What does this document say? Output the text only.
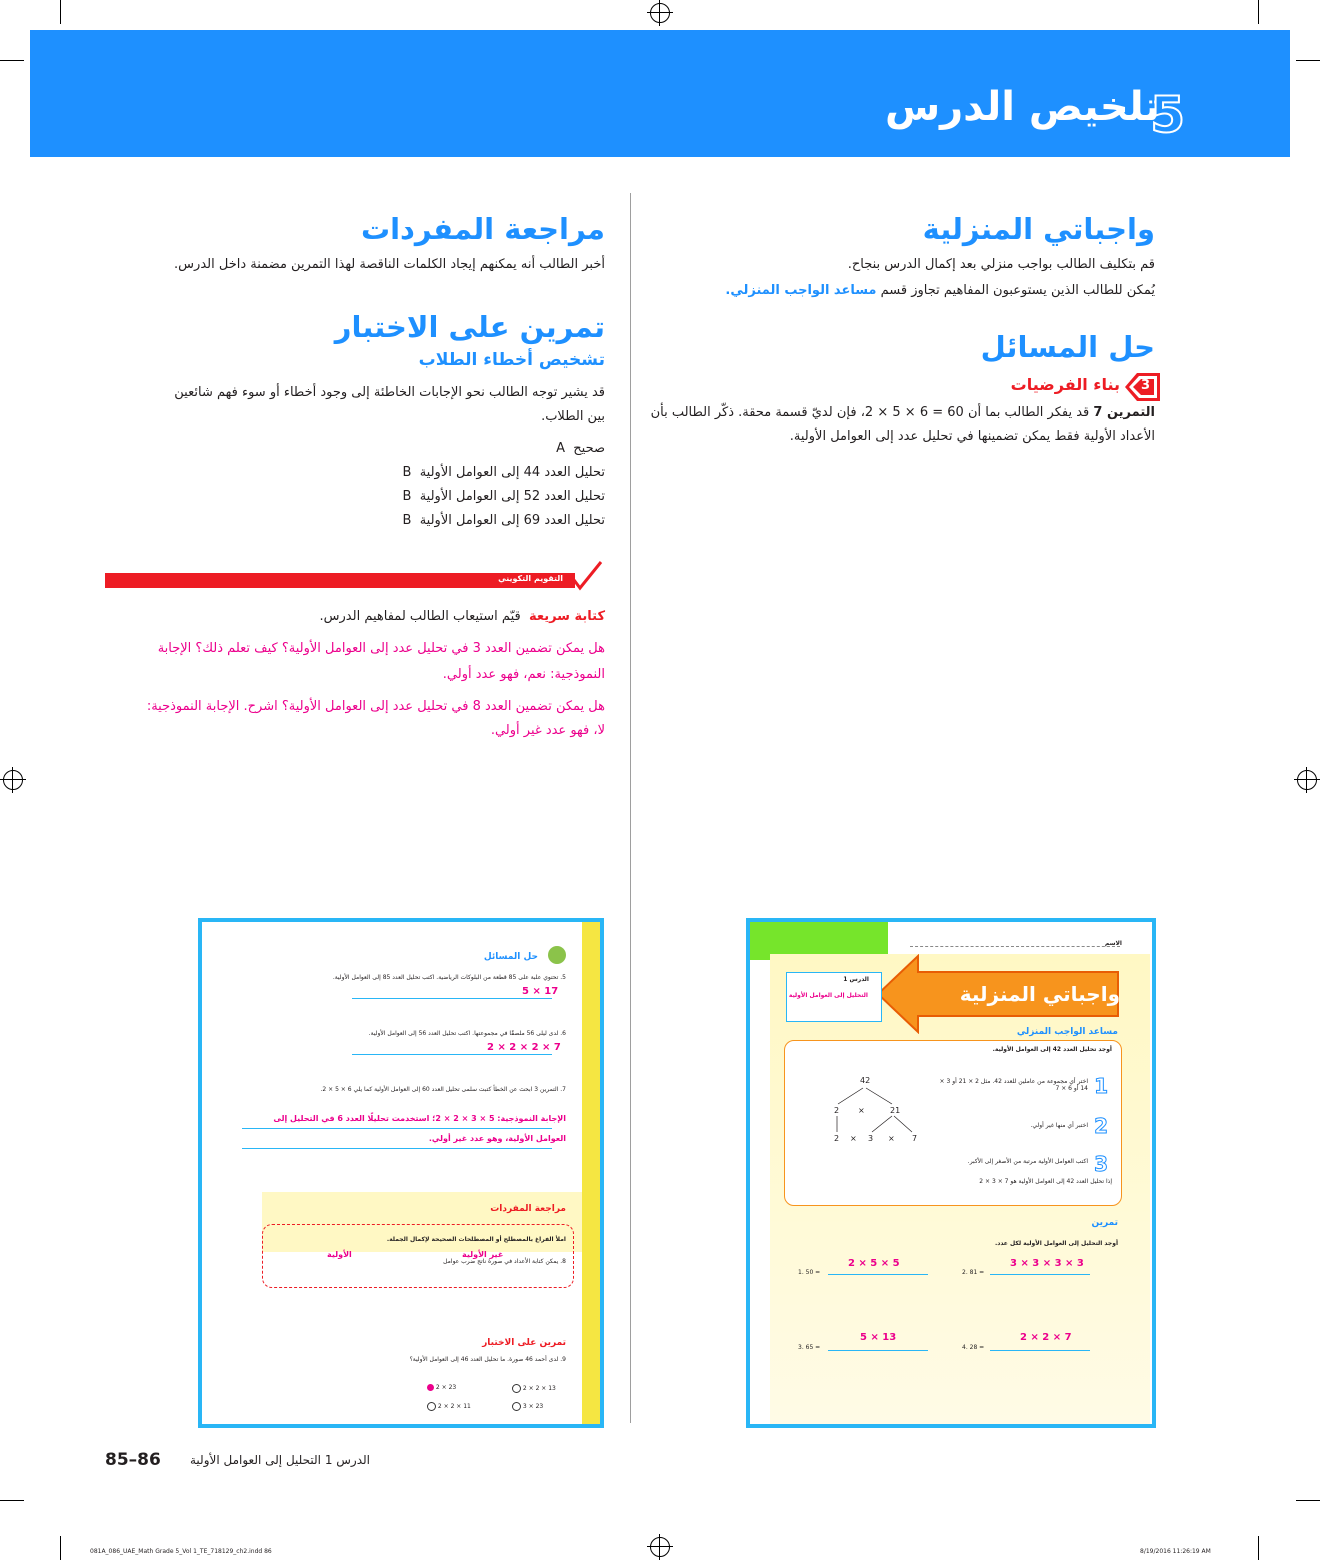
تلخيص الدرس
5
واجباتي المنزلية
قم بتكليف الطالب بواجب منزلي بعد إكمال الدرس بنجاح.
يُمكن للطالب الذين يستوعبون المفاهيم تجاوز قسم مساعد الواجب المنزلي.
حل المسائل
3
بناء الفرضيات
التمرين 7 قد يفكر الطالب بما أن 60 = 6 × 5 × 2، فإن لديّ قسمة محقة. ذكّر الطالب بأن
الأعداد الأولية فقط يمكن تضمينها في تحليل عدد إلى العوامل الأولية.
مراجعة المفردات
أخبر الطالب أنه يمكنهم إيجاد الكلمات الناقصة لهذا التمرين مضمنة داخل الدرس.
تمرين على الاختبار
تشخيص أخطاء الطلاب
قد يشير توجه الطالب نحو الإجابات الخاطئة إلى وجود أخطاء أو سوء فهم شائعين
بين الطلاب.
A صحيح
B تحليل العدد 44 إلى العوامل الأولية
B تحليل العدد 52 إلى العوامل الأولية
B تحليل العدد 69 إلى العوامل الأولية
التقويم التكويني
كتابة سريعة  قيّم استيعاب الطالب لمفاهيم الدرس.
هل يمكن تضمين العدد 3 في تحليل عدد إلى العوامل الأولية؟ كيف تعلم ذلك؟ الإجابة
النموذجية: نعم، فهو عدد أولي.
هل يمكن تضمين العدد 8 في تحليل عدد إلى العوامل الأولية؟ اشرح. الإجابة النموذجية:
لا، فهو عدد غير أولي.
حل المسائل
5. تحتوي علبة على 85 قطعة من البلوكات الرياضية. اكتب تحليل العدد 85 إلى العوامل الأولية.
5 × 17
6. لدى ليلى 56 ملصقًا في مجموعتها. اكتب تحليل العدد 56 إلى العوامل الأولية.
2 × 2 × 2 × 7
7. التمرين 3 ابحث عن الخطأ كتبت سلمى تحليل العدد 60 إلى العوامل الأولية كما يلي 6 × 5 × 2.
الإجابة النموذجية: 5 × 3 × 2 × 2؛ استخدمت تحليلًا العدد 6 في التحليل إلى
العوامل الأولية، وهو عدد غير أولي.
مراجعة المفردات
املأ الفراغ بالمصطلح أو المصطلحات الصحيحة لإكمال الجملة.
8. يمكن كتابة الأعداد في صورة ناتج ضرب عوامل
غير الأولية
الأولية
تمرين على الاختبار
9. لدى أحمد 46 صورة. ما تحليل العدد 46 إلى العوامل الأولية؟
2 × 23	2 × 2 × 13
2 × 2 × 11	3 × 23
الاسم
واجباتي المنزلية
الدرس 1
التحليل إلى العوامل الأولية
مساعد الواجب المنزلي
أوجد تحليل العدد 42 إلى العوامل الأولية.
1
اختر أي مجموعة من عاملين للعدد 42. مثل 2 × 21 أو 3 × 14 أو 6 × 7
2
اختبر أي منها غير أولي.
3
اكتب العوامل الأولية مرتبة من الأصغر إلى الأكبر.
إذا تحليل العدد 42 إلى العوامل الأولية هو 7 × 3 × 2
42
2 ×	21
2 × 3 × 7
تمرين
أوجد التحليل إلى العوامل الأولية لكل عدد.
1. 50 =
2 × 5 × 5
2. 81 =
3 × 3 × 3 × 3
3. 65 =
5 × 13
4. 28 =
2 × 2 × 7
85–86	الدرس 1 التحليل إلى العوامل الأولية
081A_086_UAE_Math Grade 5_Vol 1_TE_718129_ch2.indd 86	8/19/2016 11:26:19 AM
